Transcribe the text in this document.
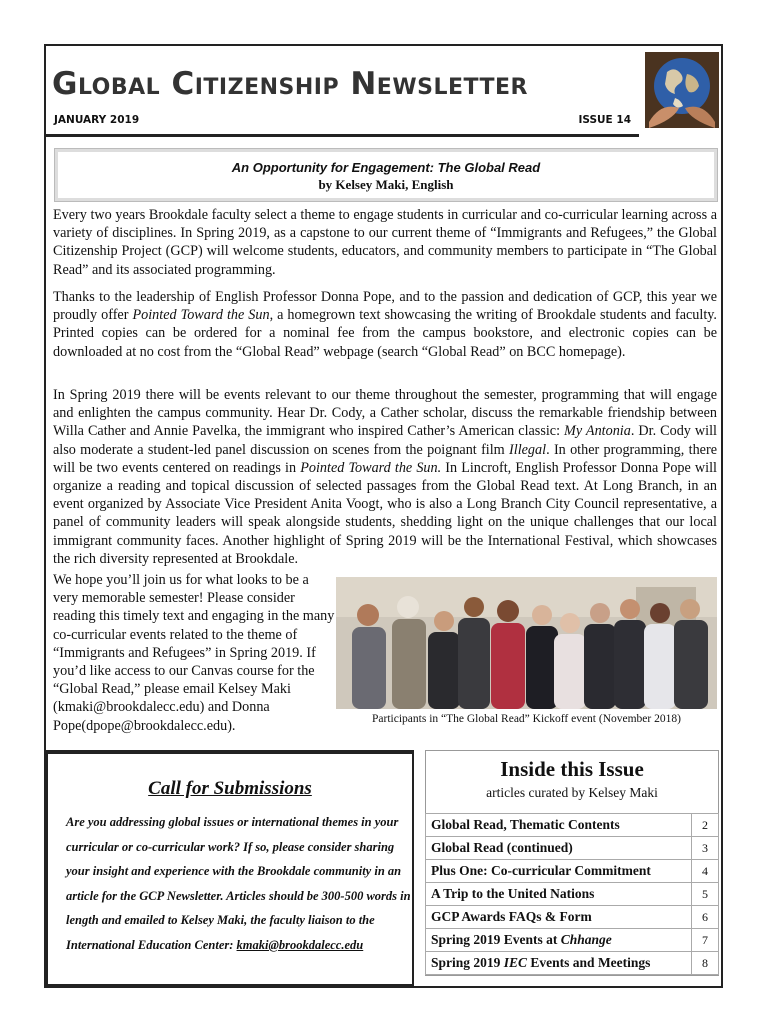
Global Citizenship Newsletter
JANUARY 2019	ISSUE 14
An Opportunity for Engagement: The Global Read
by Kelsey Maki, English

Every two years Brookdale faculty select a theme to engage students in curricular and co-curricular learning across a variety of disciplines. In Spring 2019, as a capstone to our current theme of “Immigrants and Refugees,” the Global Citizenship Project (GCP) will welcome students, educators, and community members to participate in “The Global Read” and its associated programming.

Thanks to the leadership of English Professor Donna Pope, and to the passion and dedication of GCP, this year we proudly offer Pointed Toward the Sun, a homegrown text showcasing the writing of Brookdale students and faculty. Printed copies can be ordered for a nominal fee from the campus bookstore, and electronic copies can be downloaded at no cost from the “Global Read” webpage (search “Global Read” on BCC homepage).

In Spring 2019 there will be events relevant to our theme throughout the semester, programming that will engage and enlighten the campus community. Hear Dr. Cody, a Cather scholar, discuss the remarkable friendship between Willa Cather and Annie Pavelka, the immigrant who inspired Cather’s American classic: My Antonia. Dr. Cody will also moderate a student-led panel discussion on scenes from the poignant film Illegal. In other programming, there will be two events centered on readings in Pointed Toward the Sun. In Lincroft, English Professor Donna Pope will organize a reading and topical discussion of selected passages from the Global Read text. At Long Branch, in an event organized by Associate Vice President Anita Voogt, who is also a Long Branch City Council representative, a panel of community leaders will speak alongside students, shedding light on the unique challenges that our local immigrant community faces. Another highlight of Spring 2019 will be the International Festival, which showcases the rich diversity represented at Brookdale.

We hope you’ll join us for what looks to be a very memorable semester! Please consider reading this timely text and engaging in the many co-curricular events related to the theme of “Immigrants and Refugees” in Spring 2019. If you’d like access to our Canvas course for the “Global Read,” please email Kelsey Maki (kmaki@brookdalecc.edu) and Donna Pope(dpope@brookdalecc.edu).	Participants in “The Global Read” Kickoff event (November 2018)
Call for Submissions
Are you addressing global issues or international themes in your curricular or co-curricular work? If so, please consider sharing your insight and experience with the Brookdale community in an article for the GCP Newsletter. Articles should be 300-500 words in length and emailed to Kelsey Maki, the faculty liaison to the International Education Center: kmaki@brookdalecc.edu
Inside this Issue
articles curated by Kelsey Maki
Global Read, Thematic Contents	2
Global Read (continued)	3
Plus One: Co-curricular Commitment	4
A Trip to the United Nations	5
GCP Awards FAQs & Form	6
Spring 2019 Events at Chhange	7
Spring 2019 IEC Events and Meetings	8
